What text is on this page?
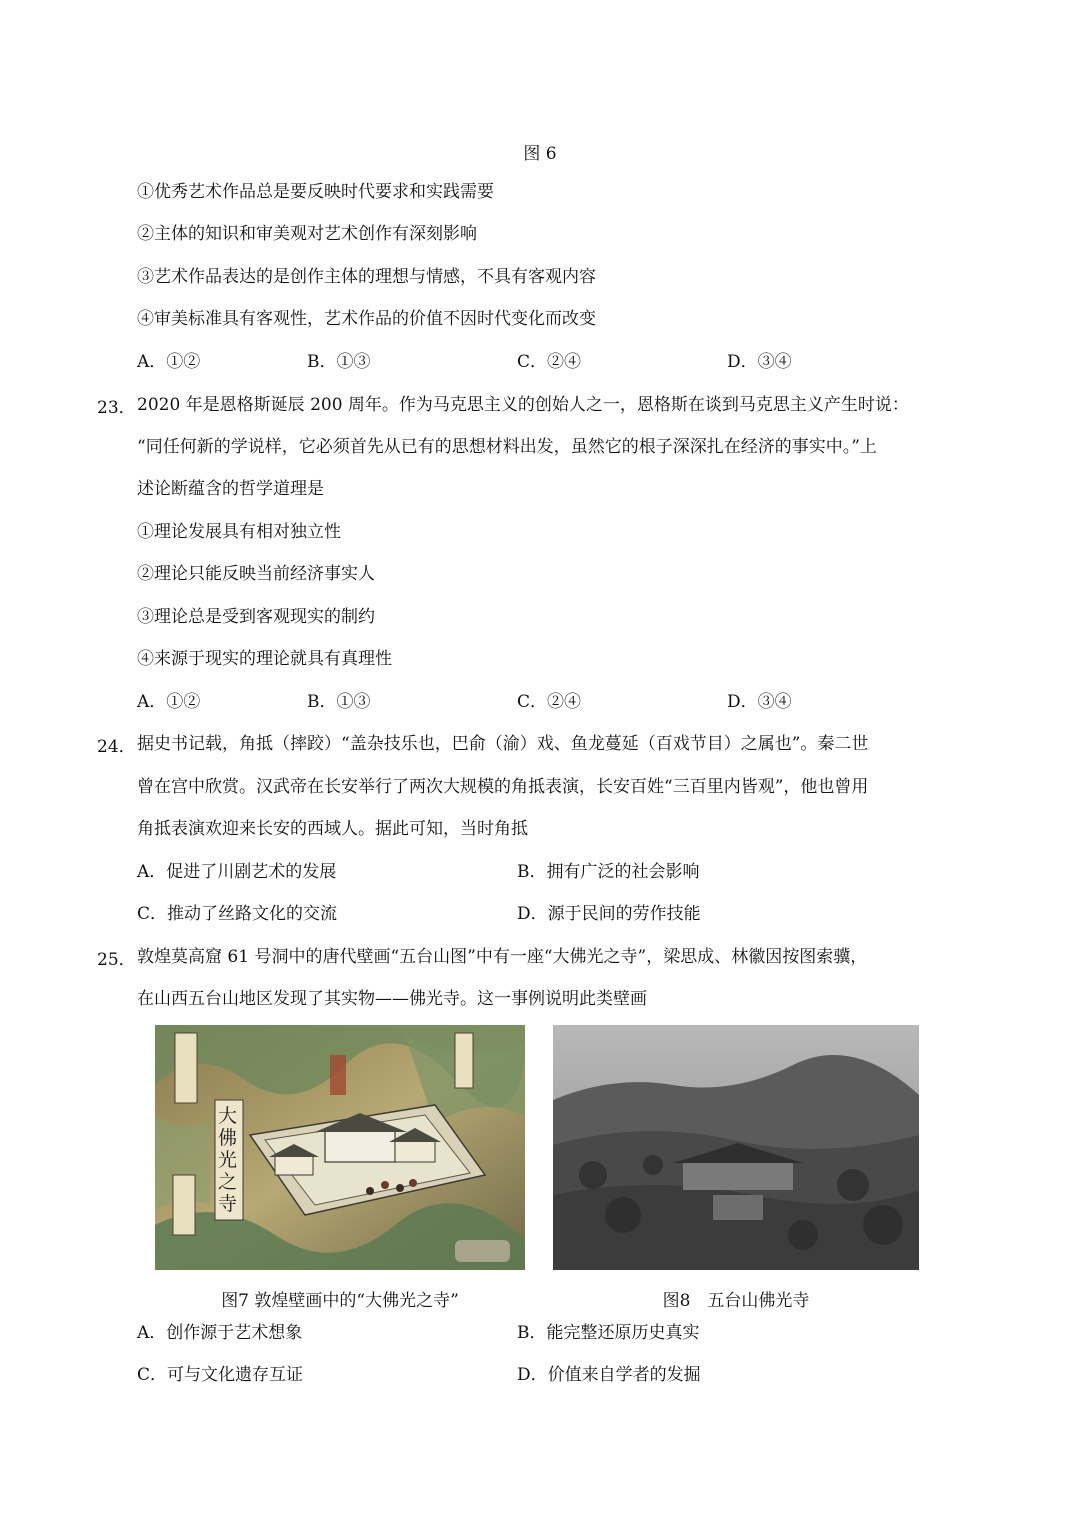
图 6
①优秀艺术作品总是要反映时代要求和实践需要
②主体的知识和审美观对艺术创作有深刻影响
③艺术作品表达的是创作主体的理想与情感，不具有客观内容
④审美标准具有客观性，艺术作品的价值不因时代变化而改变
A．①②	B．①③	C．②④	D．③④
23． 2020 年是恩格斯诞辰 200 周年。作为马克思主义的创始人之一，恩格斯在谈到马克思主义产生时说：
“同任何新的学说样，它必须首先从已有的思想材料出发，虽然它的根子深深扎在经济的事实中。”上
述论断蕴含的哲学道理是
①理论发展具有相对独立性
②理论只能反映当前经济事实人
③理论总是受到客观现实的制约
④来源于现实的理论就具有真理性
A．①②	B．①③	C．②④	D．③④
24． 据史书记载，角抵（摔跤）“盖杂技乐也，巴俞（渝）戏、鱼龙蔓延（百戏节目）之属也”。秦二世
曾在宫中欣赏。汉武帝在长安举行了两次大规模的角抵表演，长安百姓“三百里内皆观”，他也曾用
角抵表演欢迎来长安的西域人。据此可知，当时角抵
A．促进了川剧艺术的发展	B．拥有广泛的社会影响
C．推动了丝路文化的交流	D．源于民间的劳作技能
25． 敦煌莫高窟 61 号洞中的唐代壁画“五台山图”中有一座“大佛光之寺”，梁思成、林徽因按图索骥，
在山西五台山地区发现了其实物——佛光寺。这一事例说明此类壁画
大佛光之寺
图7 敦煌壁画中的“大佛光之寺”	图8　五台山佛光寺
A．创作源于艺术想象	B．能完整还原历史真实
C．可与文化遗存互证	D．价值来自学者的发掘
